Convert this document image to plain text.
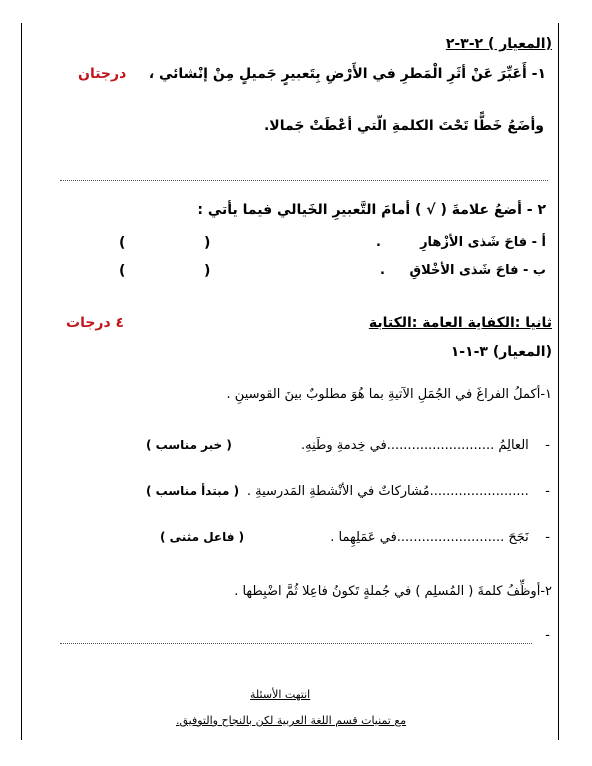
(المعيار ) ٢-٣-٢
١- أَعَبِّرَ عَنْ أثَرِ الْمَطرِ في الأَرْضِ بِتَعبيرٍ جَميلٍ مِنْ إنْشائي ،
درجتان
وأضَعُ خَطًّا تَحْتَ الكلمةِ الّتي أعْطَتْ جَمالا.
٢ - أضعُ علامةَ ( √ ) أمامَ التَّعبيرِ الخَيالي فيما يأتي :
أ - فاحَ شَذى الأزْهارِ
.
(
)
ب - فاحَ شَذى الأخْلاقِ
.
(
)
ثانيا :الكفاية العامة :الكتابة
٤ درجات
(المعيار) ٣-١-١
١-أكملُ الفراغَ في الجُمَلِ الآتيةِ بما هُوَ مطلوبٌ بينَ القوسينِ .
-    العالِمُ ..........................في خِدمةِ وطَنِهِ.
( خبر مناسب )
-    ........................مُشاركاتٌ في الأنْشطةِ المَدرسيةِ .
( مبتدأ مناسب )
-    نَجَحَ ..........................في عَمَلِهِما .
( فاعل مثنى )
٢-أوظِّفُ كلمةَ ( المُسلِم ) في جُملةٍ تَكونُ فاعِلا ثُمَّ اضْبِطها .
-
انتهت الأسئلة
مع تمنيات قسم اللغة العربية لكن بالنجاح والتوفيق.
